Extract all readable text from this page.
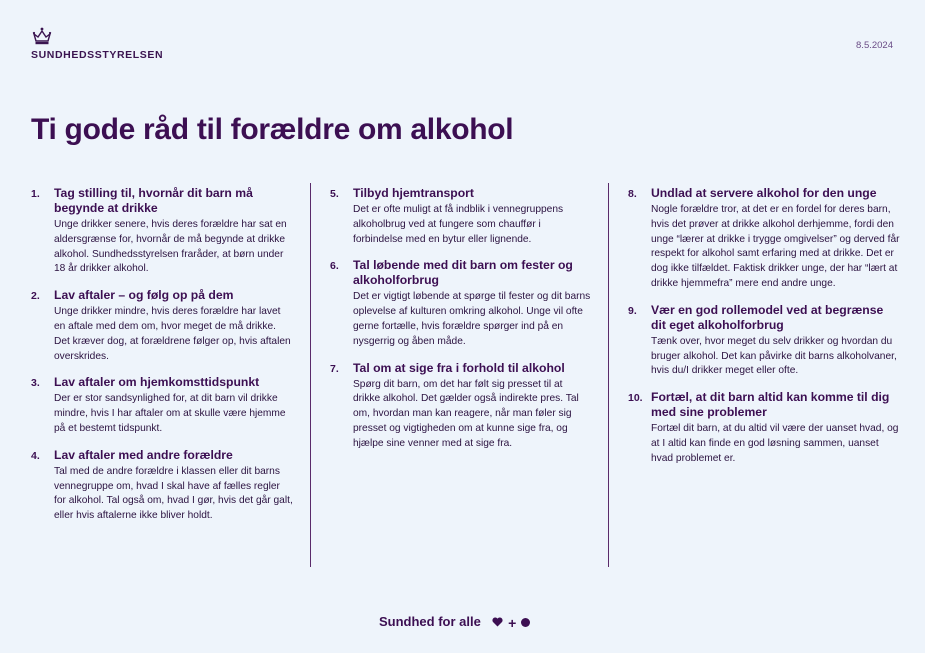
SUNDHEDSSTYRELSEN
8.5.2024
Ti gode råd til forældre om alkohol
1. Tag stilling til, hvornår dit barn må begynde at drikke
Unge drikker senere, hvis deres forældre har sat en aldersgrænse for, hvornår de må begynde at drikke alkohol. Sundhedsstyrelsen fraråder, at børn under 18 år drikker alkohol.
2. Lav aftaler – og følg op på dem
Unge drikker mindre, hvis deres forældre har lavet en aftale med dem om, hvor meget de må drikke. Det kræver dog, at forældrene følger op, hvis aftalen overskrides.
3. Lav aftaler om hjemkomsttidspunkt
Der er stor sandsynlighed for, at dit barn vil drikke mindre, hvis I har aftaler om at skulle være hjemme på et bestemt tidspunkt.
4. Lav aftaler med andre forældre
Tal med de andre forældre i klassen eller dit barns vennegruppe om, hvad I skal have af fælles regler for alkohol. Tal også om, hvad I gør, hvis det går galt, eller hvis aftalerne ikke bliver holdt.
5. Tilbyd hjemtransport
Det er ofte muligt at få indblik i vennegruppens alkoholbrug ved at fungere som chauffør i forbindelse med en bytur eller lignende.
6. Tal løbende med dit barn om fester og alkoholforbrug
Det er vigtigt løbende at spørge til fester og dit barns oplevelse af kulturen omkring alkohol. Unge vil ofte gerne fortælle, hvis forældre spørger ind på en nysgerrig og åben måde.
7. Tal om at sige fra i forhold til alkohol
Spørg dit barn, om det har følt sig presset til at drikke alkohol. Det gælder også indirekte pres. Tal om, hvordan man kan reagere, når man føler sig presset og vigtigheden om at kunne sige fra, og hjælpe sine venner med at sige fra.
8. Undlad at servere alkohol for den unge
Nogle forældre tror, at det er en fordel for deres barn, hvis det prøver at drikke alkohol derhjemme, fordi den unge “lærer at drikke i trygge omgivelser” og derved får respekt for alkohol samt erfaring med at drikke. Det er dog ikke tilfældet. Faktisk drikker unge, der har “lært at drikke hjemmefra” mere end andre unge.
9. Vær en god rollemodel ved at begrænse dit eget alkoholforbrug
Tænk over, hvor meget du selv drikker og hvordan du bruger alkohol. Det kan påvirke dit barns alkoholvaner, hvis du/I drikker meget eller ofte.
10. Fortæl, at dit barn altid kan komme til dig med sine problemer
Fortæl dit barn, at du altid vil være der uanset hvad, og at I altid kan finde en god løsning sammen, uanset hvad problemet er.
Sundhed for alle +
